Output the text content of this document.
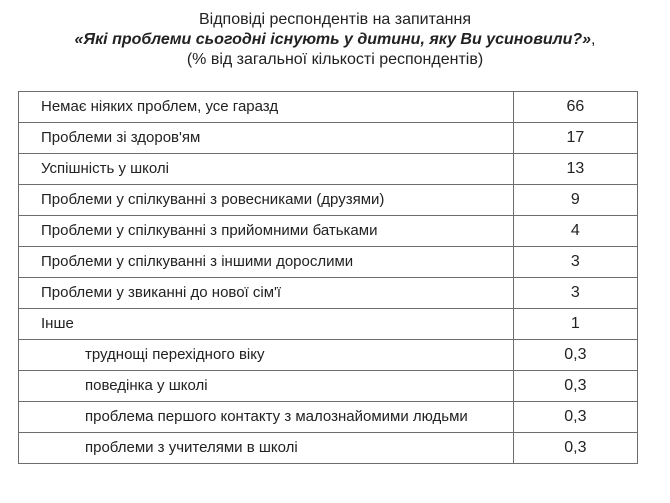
Відповіді респондентів на запитання
«Які проблеми сьогодні існують у дитини, яку Ви усиновили?»,
(% від загальної кількості респондентів)
Немає ніяких проблем, усе гаразд	66
Проблеми зі здоров'ям	17
Успішність у школі	13
Проблеми у спілкуванні з ровесниками (друзями)	9
Проблеми у спілкуванні з прийомними батьками	4
Проблеми у спілкуванні з іншими дорослими	3
Проблеми у звиканні до нової сім'ї	3
Інше	1
труднощі перехідного віку	0,3
поведінка у школі	0,3
проблема першого контакту з малознайомими людьми	0,3
проблеми з учителями в школі	0,3
